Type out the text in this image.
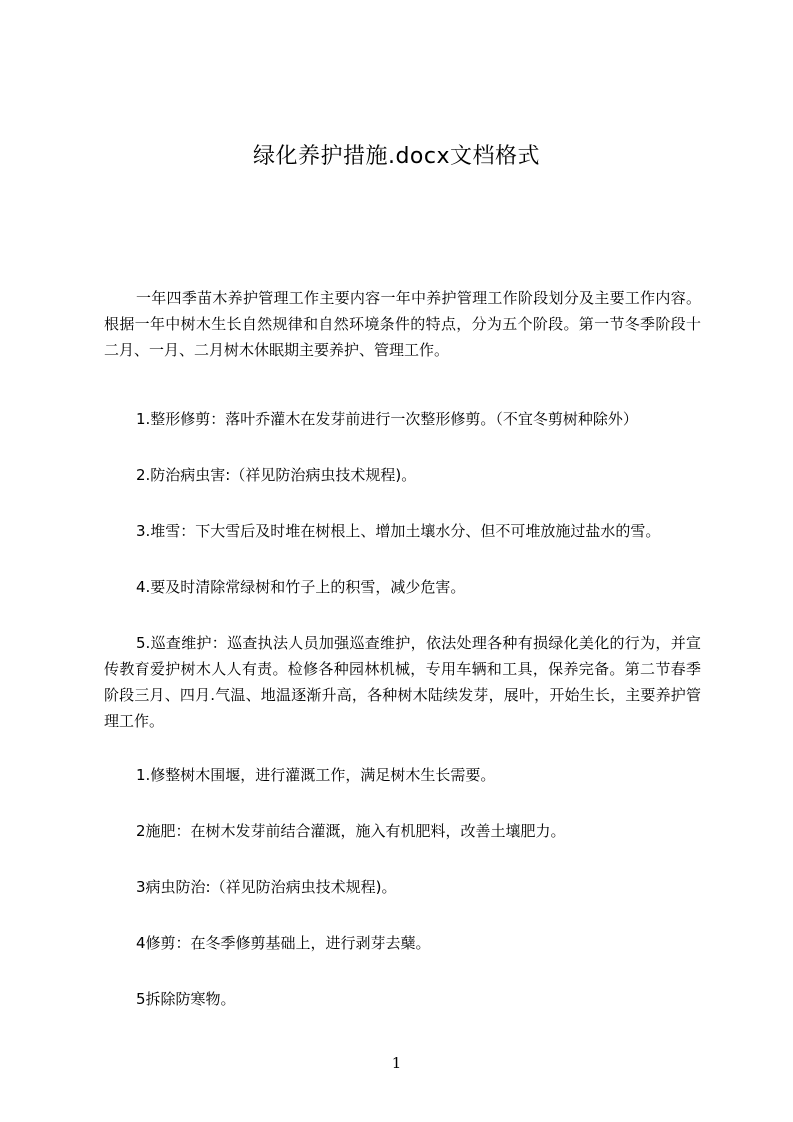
绿化养护措施.docx文档格式

一年四季苗木养护管理工作主要内容一年中养护管理工作阶段划分及主要工作内容。根据一年中树木生长自然规律和自然环境条件的特点，分为五个阶段。第一节冬季阶段十二月、一月、二月树木休眠期主要养护、管理工作。

1.整形修剪：落叶乔灌木在发芽前进行一次整形修剪。（不宜冬剪树种除外）

2.防治病虫害:（祥见防治病虫技术规程)。

3.堆雪：下大雪后及时堆在树根上、增加土壤水分、但不可堆放施过盐水的雪。

4.要及时清除常绿树和竹子上的积雪，减少危害。

5.巡查维护：巡查执法人员加强巡查维护，依法处理各种有损绿化美化的行为，并宣传教育爱护树木人人有责。检修各种园林机械，专用车辆和工具，保养完备。第二节春季阶段三月、四月.气温、地温逐渐升高，各种树木陆续发芽，展叶，开始生长，主要养护管理工作。

1.修整树木围堰，进行灌溉工作，满足树木生长需要。

2施肥：在树木发芽前结合灌溉，施入有机肥料，改善土壤肥力。

3病虫防治:（祥见防治病虫技术规程)。

4修剪：在冬季修剪基础上，进行剥芽去蘖。

5拆除防寒物。

1
